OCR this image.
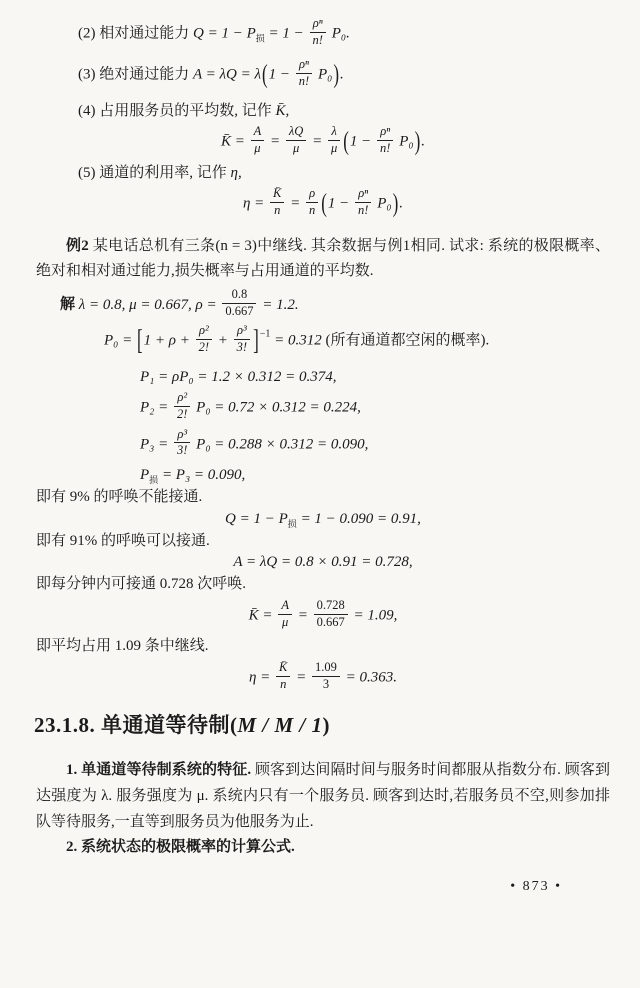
(2) 相对通过能力 $Q = 1 - P_损 = 1 - \frac{\text{ρⁿ}}{n!} P_0$.
(3) 绝对通过能力 $A = \lambda Q = \lambda(1 - \frac{\text{ρⁿ}}{n!} P_0)$.
(4) 占用服务员的平均数, 记作 K̄,
K̄ = $\frac{A}{\mu} = \frac{\lambda Q}{\mu} = \frac{\lambda}{\mu} (1 - \frac{\text{ρⁿ}}{n!} P_0)$.
(5) 通道的利用率, 记作 η,
$\eta = \frac{K̄}{n} = \frac{\rho}{n} (1 - \frac{\text{ρⁿ}}{n!} P_0)$.

例2 某电话总机有三条(n = 3)中继线. 其余数据与例1相同. 试求: 系统的极限概率、绝对和相对通过能力,损失概率与占用通道的平均数.

解 λ = 0.8, μ = 0.667, $\rho = \frac{0.8}{0.667} = 1.2$.
$P_0 = [1 + \rho + \frac{\text{ρ²}}{2!} + \frac{\text{ρ³}}{3!} ]^{-1} = 0.312$ (所有通道都空闲的概率).
P₁ = ρP₀ = 1.2 × 0.312 = 0.374,
$P_2 = \frac{\text{ρ²}}{2!} P_0 = 0.72 \times 0.312 = 0.224$,
$P_3 = \frac{\text{ρ³}}{3!} P_0 = 0.288 \times 0.312 = 0.090$,
$P_损 = P_3 = 0.090$,

即有 9% 的呼唤不能接通.

$Q = 1 - P_损 = 1 - 0.090 = 0.91$,

即有 91% 的呼唤可以接通.

A = λQ = 0.8 × 0.91 = 0.728,

即每分钟内可接通 0.728 次呼唤.

K̄ = $\frac{A}{\mu} = \frac{0.728}{0.667} = 1.09$,

即平均占用 1.09 条中继线.

$\eta = \frac{K̄}{n} = \frac{1.09}{3} = 0.363$.
23.1.8. 单通道等待制(M / M / 1)

1. 单通道等待制系统的特征. 顾客到达间隔时间与服务时间都服从指数分布. 顾客到达强度为 λ. 服务强度为 μ. 系统内只有一个服务员. 顾客到达时,若服务员不空,则参加排队等待服务,一直等到服务员为他服务为止.

2. 系统状态的极限概率的计算公式.

• 873 •
